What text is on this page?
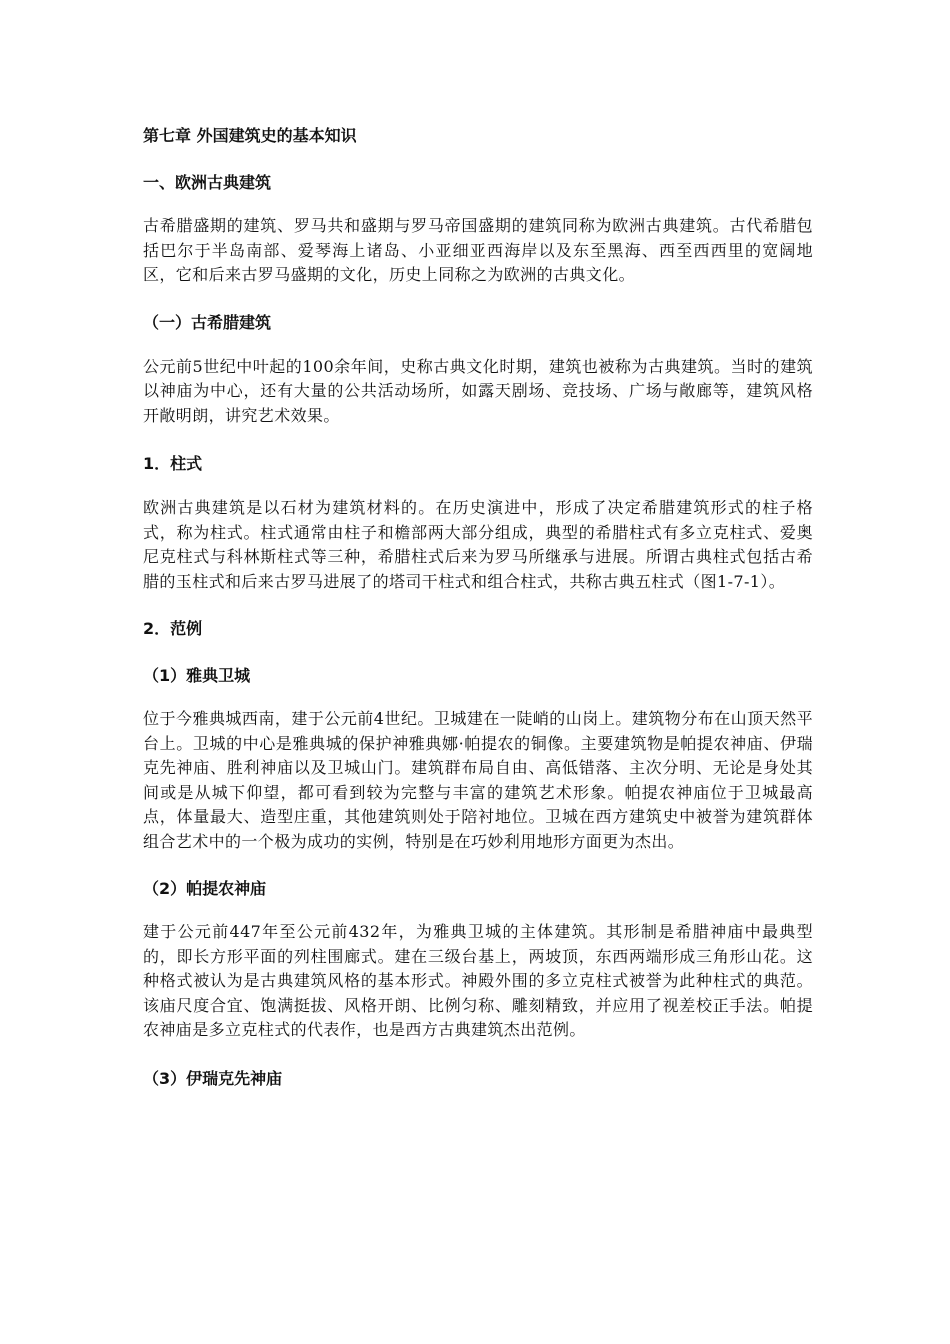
第七章 外国建筑史的基本知识
一、欧洲古典建筑
古希腊盛期的建筑、罗马共和盛期与罗马帝国盛期的建筑同称为欧洲古典建筑。古代希腊包括巴尔于半岛南部、爱琴海上诸岛、小亚细亚西海岸以及东至黑海、西至西西里的宽阔地区，它和后来古罗马盛期的文化，历史上同称之为欧洲的古典文化。
（一）古希腊建筑
公元前5世纪中叶起的100余年间，史称古典文化时期，建筑也被称为古典建筑。当时的建筑以神庙为中心，还有大量的公共活动场所，如露天剧场、竞技场、广场与敞廊等，建筑风格开敞明朗，讲究艺术效果。
1．柱式
欧洲古典建筑是以石材为建筑材料的。在历史演进中，形成了决定希腊建筑形式的柱子格式，称为柱式。柱式通常由柱子和檐部两大部分组成，典型的希腊柱式有多立克柱式、爱奥尼克柱式与科林斯柱式等三种，希腊柱式后来为罗马所继承与进展。所谓古典柱式包括古希腊的玉柱式和后来古罗马进展了的塔司干柱式和组合柱式，共称古典五柱式（图1-7-1）。
2．范例
（1）雅典卫城
位于今雅典城西南，建于公元前4世纪。卫城建在一陡峭的山岗上。建筑物分布在山顶天然平台上。卫城的中心是雅典城的保护神雅典娜·帕提农的铜像。主要建筑物是帕提农神庙、伊瑞克先神庙、胜利神庙以及卫城山门。建筑群布局自由、高低错落、主次分明、无论是身处其间或是从城下仰望，都可看到较为完整与丰富的建筑艺术形象。帕提农神庙位于卫城最高点，体量最大、造型庄重，其他建筑则处于陪衬地位。卫城在西方建筑史中被誉为建筑群体组合艺术中的一个极为成功的实例，特别是在巧妙利用地形方面更为杰出。
（2）帕提农神庙
建于公元前447年至公元前432年，为雅典卫城的主体建筑。其形制是希腊神庙中最典型的，即长方形平面的列柱围廊式。建在三级台基上，两坡顶，东西两端形成三角形山花。这种格式被认为是古典建筑风格的基本形式。神殿外围的多立克柱式被誉为此种柱式的典范。该庙尺度合宜、饱满挺拔、风格开朗、比例匀称、雕刻精致，并应用了视差校正手法。帕提农神庙是多立克柱式的代表作，也是西方古典建筑杰出范例。
（3）伊瑞克先神庙
